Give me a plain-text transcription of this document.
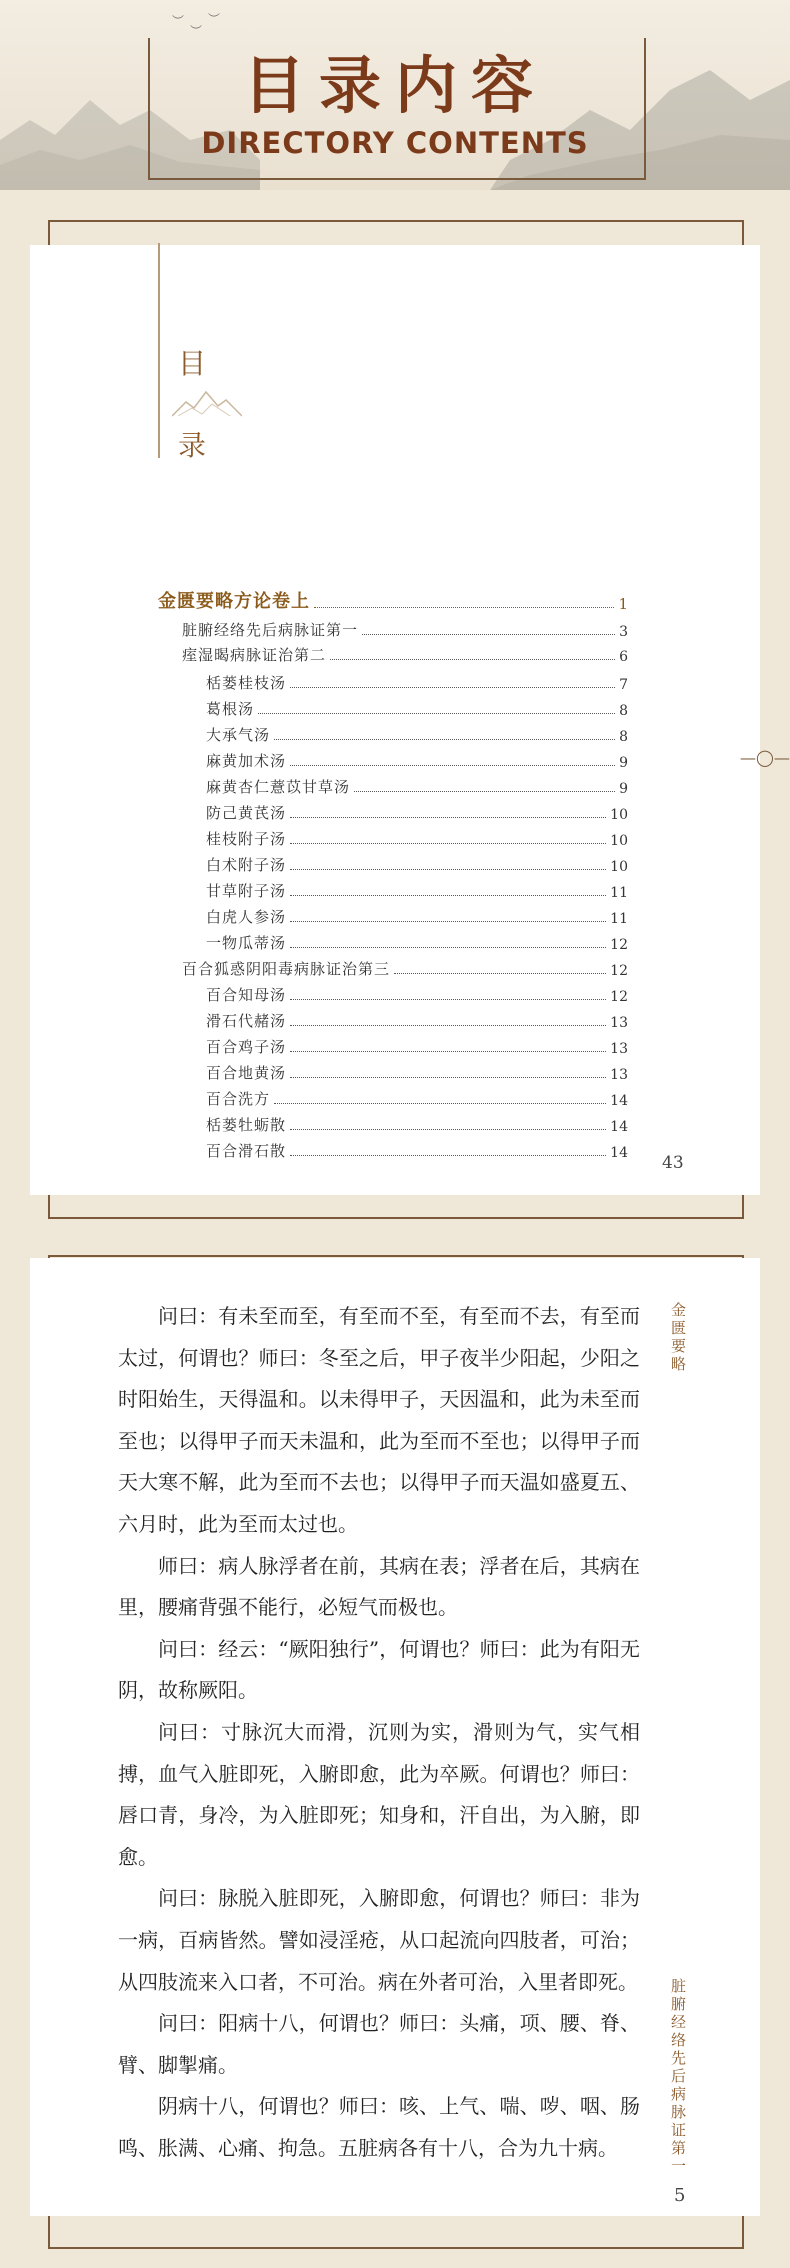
︶
︶
︶
目录内容
DIRECTORY CONTENTS
目
录
金匮要略方论卷上	1
脏腑经络先后病脉证第一	3
痓湿暍病脉证治第二	6
栝蒌桂枝汤	7
葛根汤	8
大承气汤	8
麻黄加术汤	9
麻黄杏仁薏苡甘草汤	9
防己黄芪汤	10
桂枝附子汤	10
白术附子汤	10
甘草附子汤	11
白虎人参汤	11
一物瓜蒂汤	12
百合狐惑阴阳毒病脉证治第三	12
百合知母汤	12
滑石代赭汤	13
百合鸡子汤	13
百合地黄汤	13
百合洗方	14
栝蒌牡蛎散	14
百合滑石散	14 43
—◯—

问曰：有未至而至，有至而不至，有至而不去，有至而太过，何谓也？师曰：冬至之后，甲子夜半少阳起，少阳之时阳始生，天得温和。以未得甲子，天因温和，此为未至而至也；以得甲子而天未温和，此为至而不至也；以得甲子而天大寒不解，此为至而不去也；以得甲子而天温如盛夏五、六月时，此为至而太过也。

师曰：病人脉浮者在前，其病在表；浮者在后，其病在里，腰痛背强不能行，必短气而极也。

问曰：经云：“厥阳独行”，何谓也？师曰：此为有阳无阴，故称厥阳。

问曰：寸脉沉大而滑，沉则为实，滑则为气，实气相搏，血气入脏即死，入腑即愈，此为卒厥。何谓也？师曰：唇口青，身冷，为入脏即死；知身和，汗自出，为入腑，即愈。

问曰：脉脱入脏即死，入腑即愈，何谓也？师曰：非为一病，百病皆然。譬如浸淫疮，从口起流向四肢者，可治；从四肢流来入口者，不可治。病在外者可治，入里者即死。

问曰：阳病十八，何谓也？师曰：头痛，项、腰、脊、臂、脚掣痛。

阴病十八，何谓也？师曰：咳、上气、喘、哕、咽、肠鸣、胀满、心痛、拘急。五脏病各有十八，合为九十病。

金匮要略
脏腑经络先后病脉证第一
5
